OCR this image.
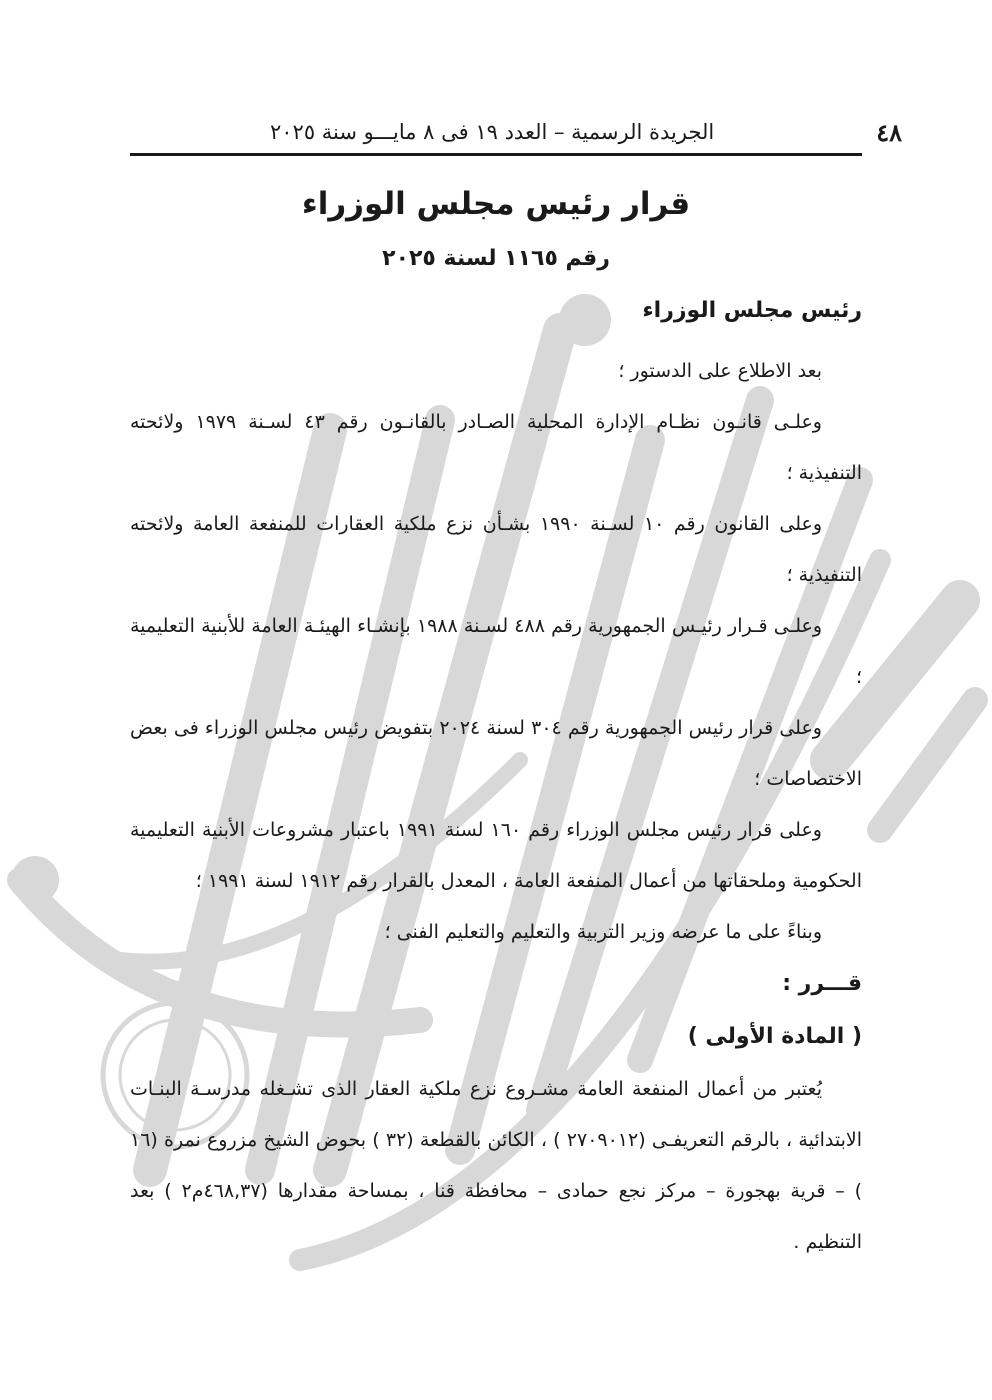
٤٨
الجريدة الرسمية – العدد ١٩ فى ٨ مايـــو سنة ٢٠٢٥
قرار رئيس مجلس الوزراء
رقم ١١٦٥ لسنة ٢٠٢٥
رئيس مجلس الوزراء

بعد الاطلاع على الدستور ؛

وعلـى قانـون نظـام الإدارة المحلية الصـادر بالقانـون رقم ٤٣ لسـنة ١٩٧٩ ولائحته التنفيذية ؛

وعلى القانون رقم ١٠ لسـنة ١٩٩٠ بشـأن نزع ملكية العقارات للمنفعة العامة ولائحته التنفيذية ؛

وعلـى قـرار رئيـس الجمهورية رقم ٤٨٨ لسـنة ١٩٨٨ بإنشـاء الهيئـة العامة للأبنية التعليمية ؛

وعلى قرار رئيس الجمهورية رقم ٣٠٤ لسنة ٢٠٢٤ بتفويض رئيس مجلس الوزراء فى بعض الاختصاصات ؛

وعلى قرار رئيس مجلس الوزراء رقم ١٦٠ لسنة ١٩٩١ باعتبار مشروعات الأبنية التعليمية الحكومية وملحقاتها من أعمال المنفعة العامة ، المعدل بالقرار رقم ١٩١٢ لسنة ١٩٩١ ؛

وبناءً على ما عرضه وزير التربية والتعليم والتعليم الفنى ؛

قـــرر :

( المادة الأولى )

يُعتبر من أعمال المنفعة العامة مشـروع نزع ملكية العقار الذى تشـغله مدرسـة البنـات الابتدائية ، بالرقم التعريفـى (٢٧٠٩٠١٢ ) ، الكائن بالقطعة (٣٢ ) بحوض الشيخ مزروع نمرة (١٦ ) – قرية بهجورة – مركز نجع حمادى – محافظة قنا ، بمساحة مقدارها (٤٦٨,٣٧م٢ ) بعد التنظيم .
